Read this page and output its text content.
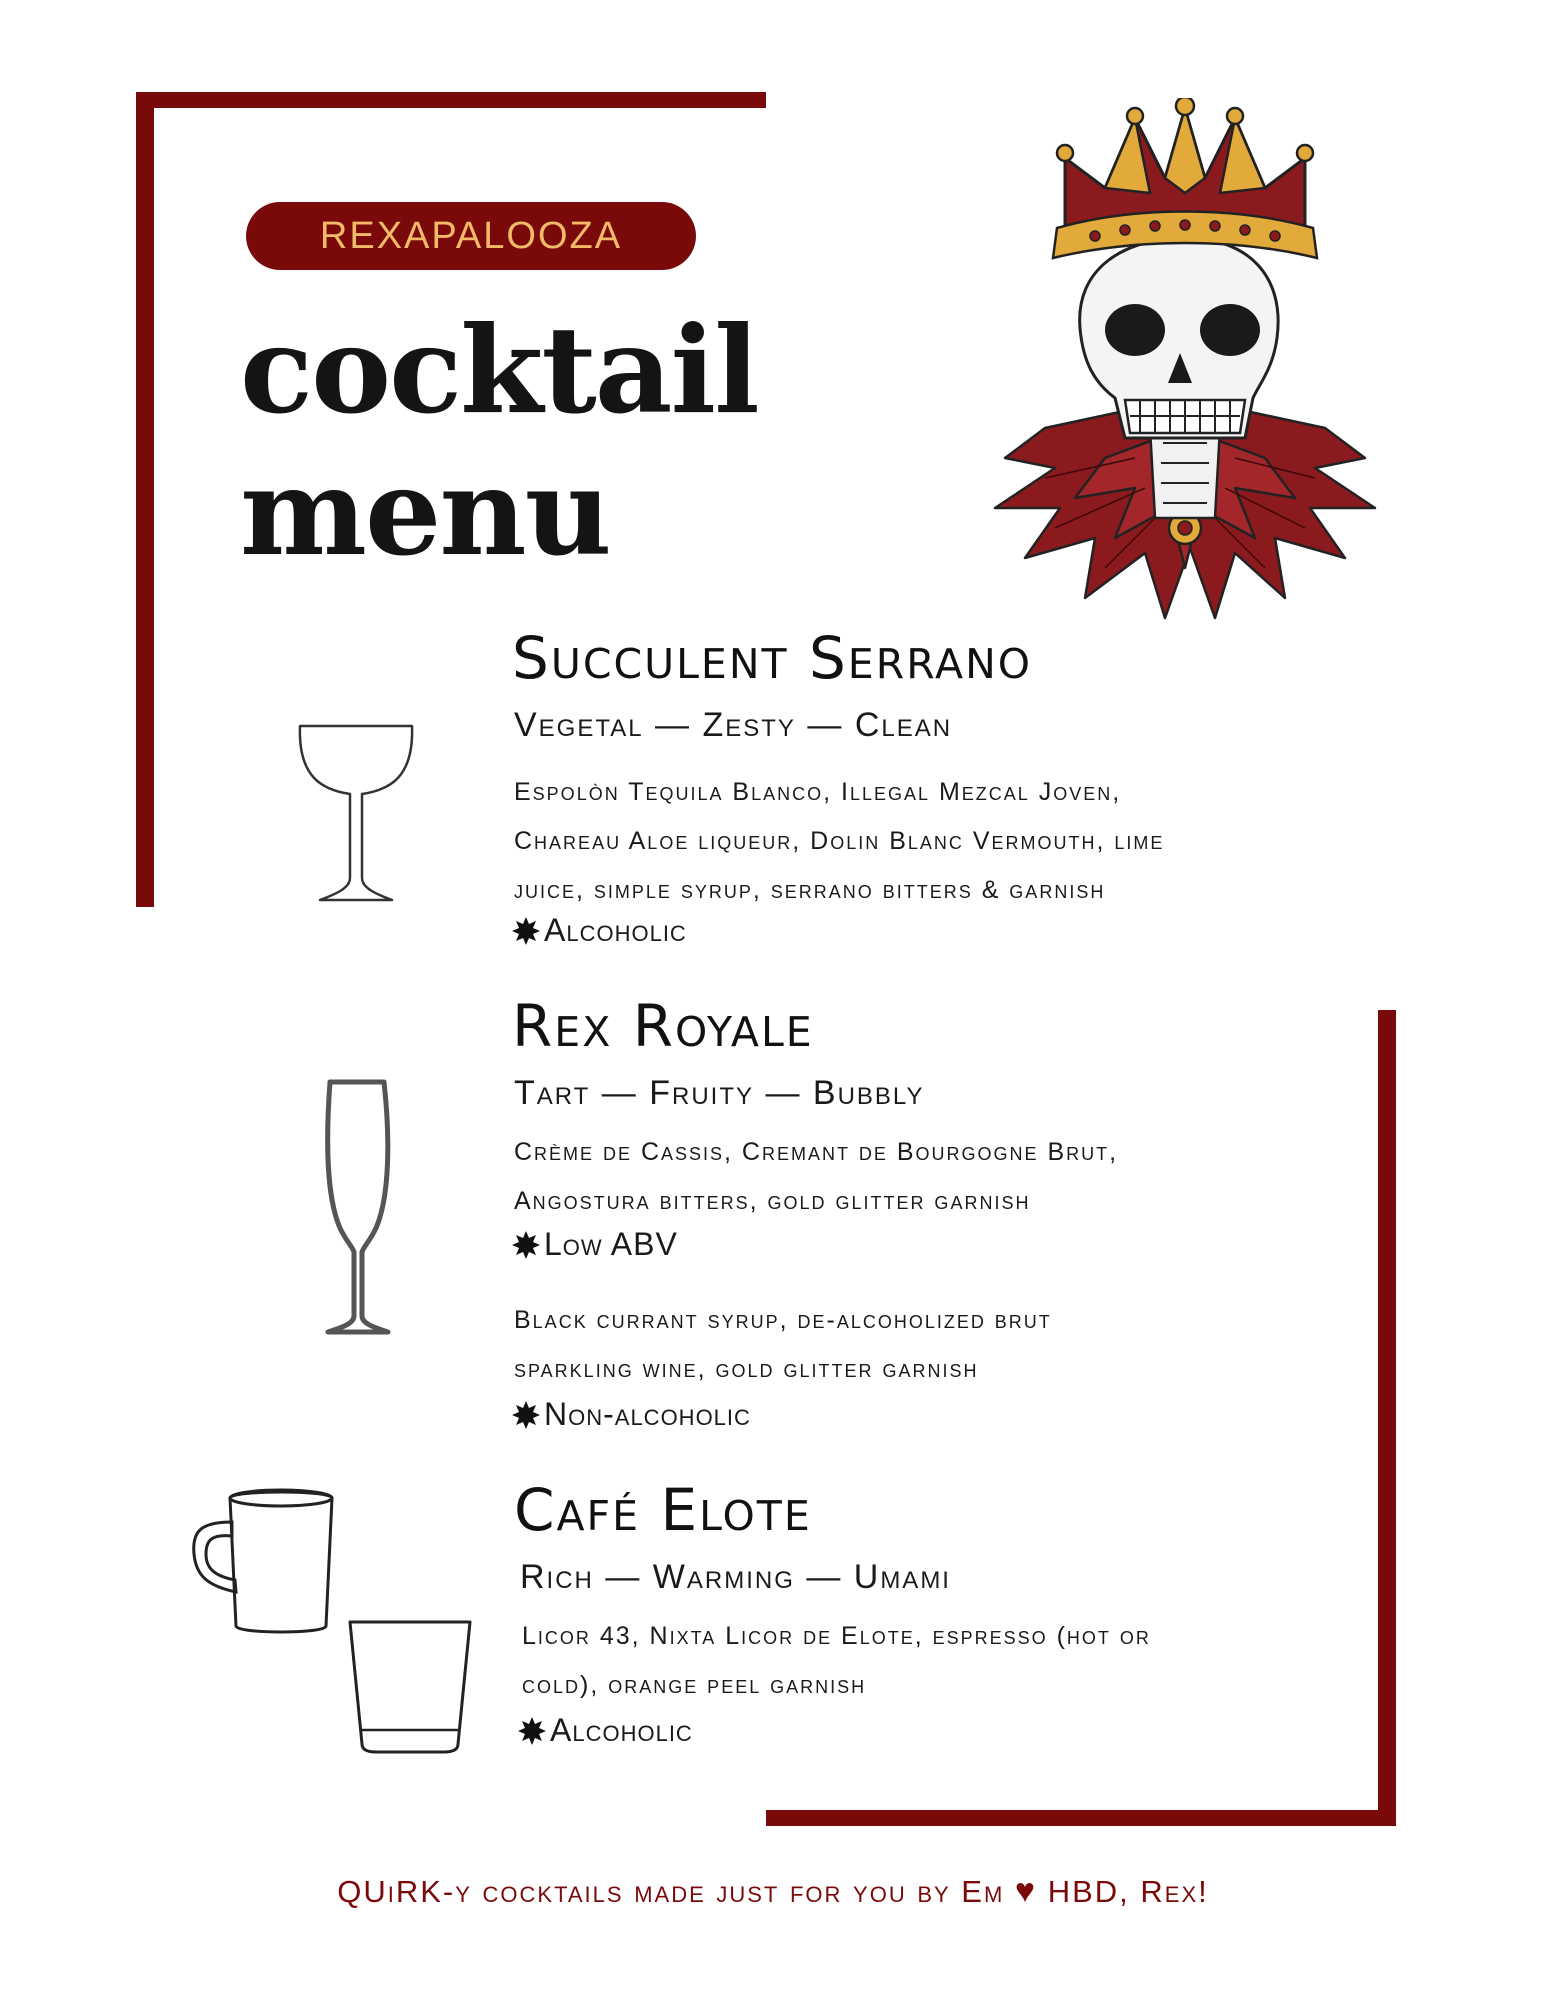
REXAPALOOZA
cocktail
menu
Succulent Serrano
Vegetal — Zesty — Clean
Espolòn Tequila Blanco, Illegal Mezcal Joven,
Chareau Aloe liqueur, Dolin Blanc Vermouth, lime
juice, simple syrup, serrano bitters & garnish
Alcoholic
Rex Royale
Tart — Fruity — Bubbly
Crème de Cassis, Cremant de Bourgogne Brut,
Angostura bitters, gold glitter garnish
Low ABV
Black currant syrup, de-alcoholized brut
sparkling wine, gold glitter garnish
Non-alcoholic
Café Elote
Rich — Warming — Umami
Licor 43, Nixta Licor de Elote, espresso (hot or
cold), orange peel garnish
Alcoholic
QUiRK-y cocktails made just for you by Em ♥ HBD, Rex!
